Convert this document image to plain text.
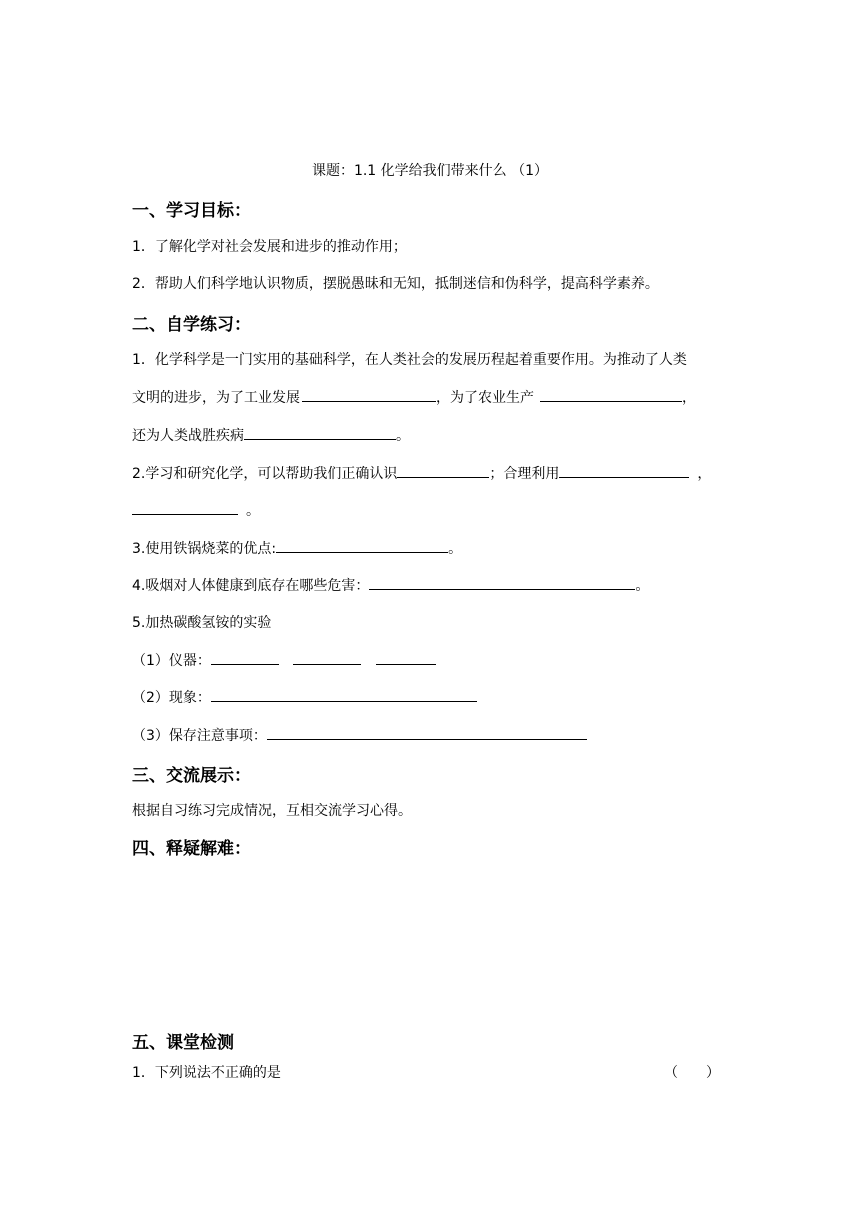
课题：1.1 化学给我们带来什么 （1）
一、学习目标：
1．了解化学对社会发展和进步的推动作用；
2．帮助人们科学地认识物质，摆脱愚昧和无知，抵制迷信和伪科学，提高科学素养。
二、自学练习：
1．化学科学是一门实用的基础科学，在人类社会的发展历程起着重要作用。为推动了人类
文明的进步，为了工业发展	，为了农业生产	，
还为人类战胜疾病	。
2.学习和研究化学，可以帮助我们正确认识	；合理利用	，
。
3.使用铁锅烧菜的优点:	。
4.吸烟对人体健康到底存在哪些危害：	。
5.加热碳酸氢铵的实验
（1）仪器：
（2）现象：
（3）保存注意事项：
三、交流展示：
根据自习练习完成情况，互相交流学习心得。
四、释疑解难：
五、课堂检测
1．下列说法不正确的是	（　　）
